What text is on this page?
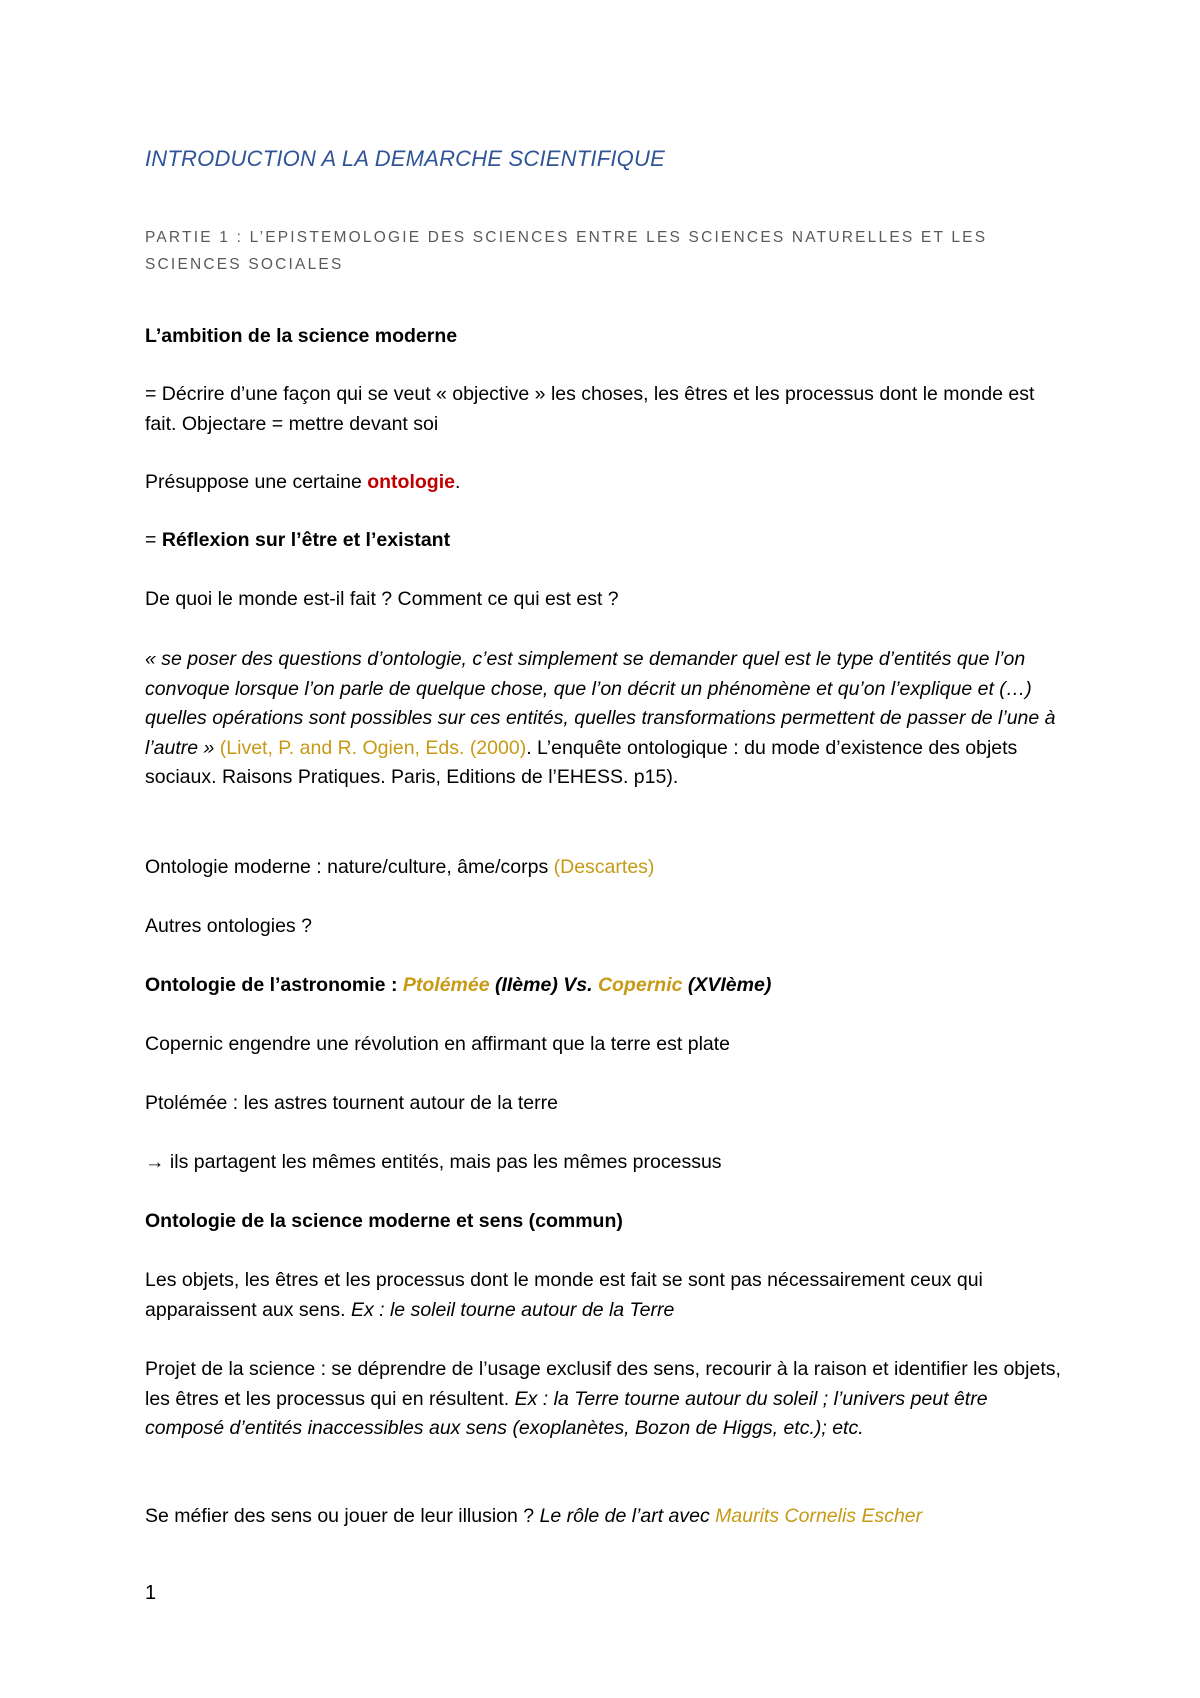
INTRODUCTION A LA DEMARCHE SCIENTIFIQUE
PARTIE 1 : L’EPISTEMOLOGIE DES SCIENCES ENTRE LES SCIENCES NATURELLES ET LES SCIENCES SOCIALES

L’ambition de la science moderne

= Décrire d’une façon qui se veut « objective » les choses, les êtres et les processus dont le monde est fait. Objectare = mettre devant soi

Présuppose une certaine ontologie.

= Réflexion sur l’être et l’existant

De quoi le monde est-il fait ? Comment ce qui est est ?

« se poser des questions d’ontologie, c’est simplement se demander quel est le type d’entités que l’on convoque lorsque l’on parle de quelque chose, que l’on décrit un phénomène et qu’on l’explique et (…) quelles opérations sont possibles sur ces entités, quelles transformations permettent de passer de l’une à l’autre » (Livet, P. and R. Ogien, Eds. (2000). L’enquête ontologique : du mode d’existence des objets sociaux. Raisons Pratiques. Paris, Editions de l’EHESS. p15).

Ontologie moderne : nature/culture, âme/corps (Descartes)

Autres ontologies ?

Ontologie de l’astronomie : Ptolémée (IIème) Vs. Copernic (XVIème)

Copernic engendre une révolution en affirmant que la terre est plate

Ptolémée : les astres tournent autour de la terre

→ ils partagent les mêmes entités, mais pas les mêmes processus

Ontologie de la science moderne et sens (commun)

Les objets, les êtres et les processus dont le monde est fait se sont pas nécessairement ceux qui apparaissent aux sens. Ex : le soleil tourne autour de la Terre

Projet de la science : se déprendre de l’usage exclusif des sens, recourir à la raison et identifier les objets, les êtres et les processus qui en résultent. Ex : la Terre tourne autour du soleil ; l’univers peut être composé d’entités inaccessibles aux sens (exoplanètes, Bozon de Higgs, etc.); etc.

Se méfier des sens ou jouer de leur illusion ? Le rôle de l’art avec Maurits Cornelis Escher

1
